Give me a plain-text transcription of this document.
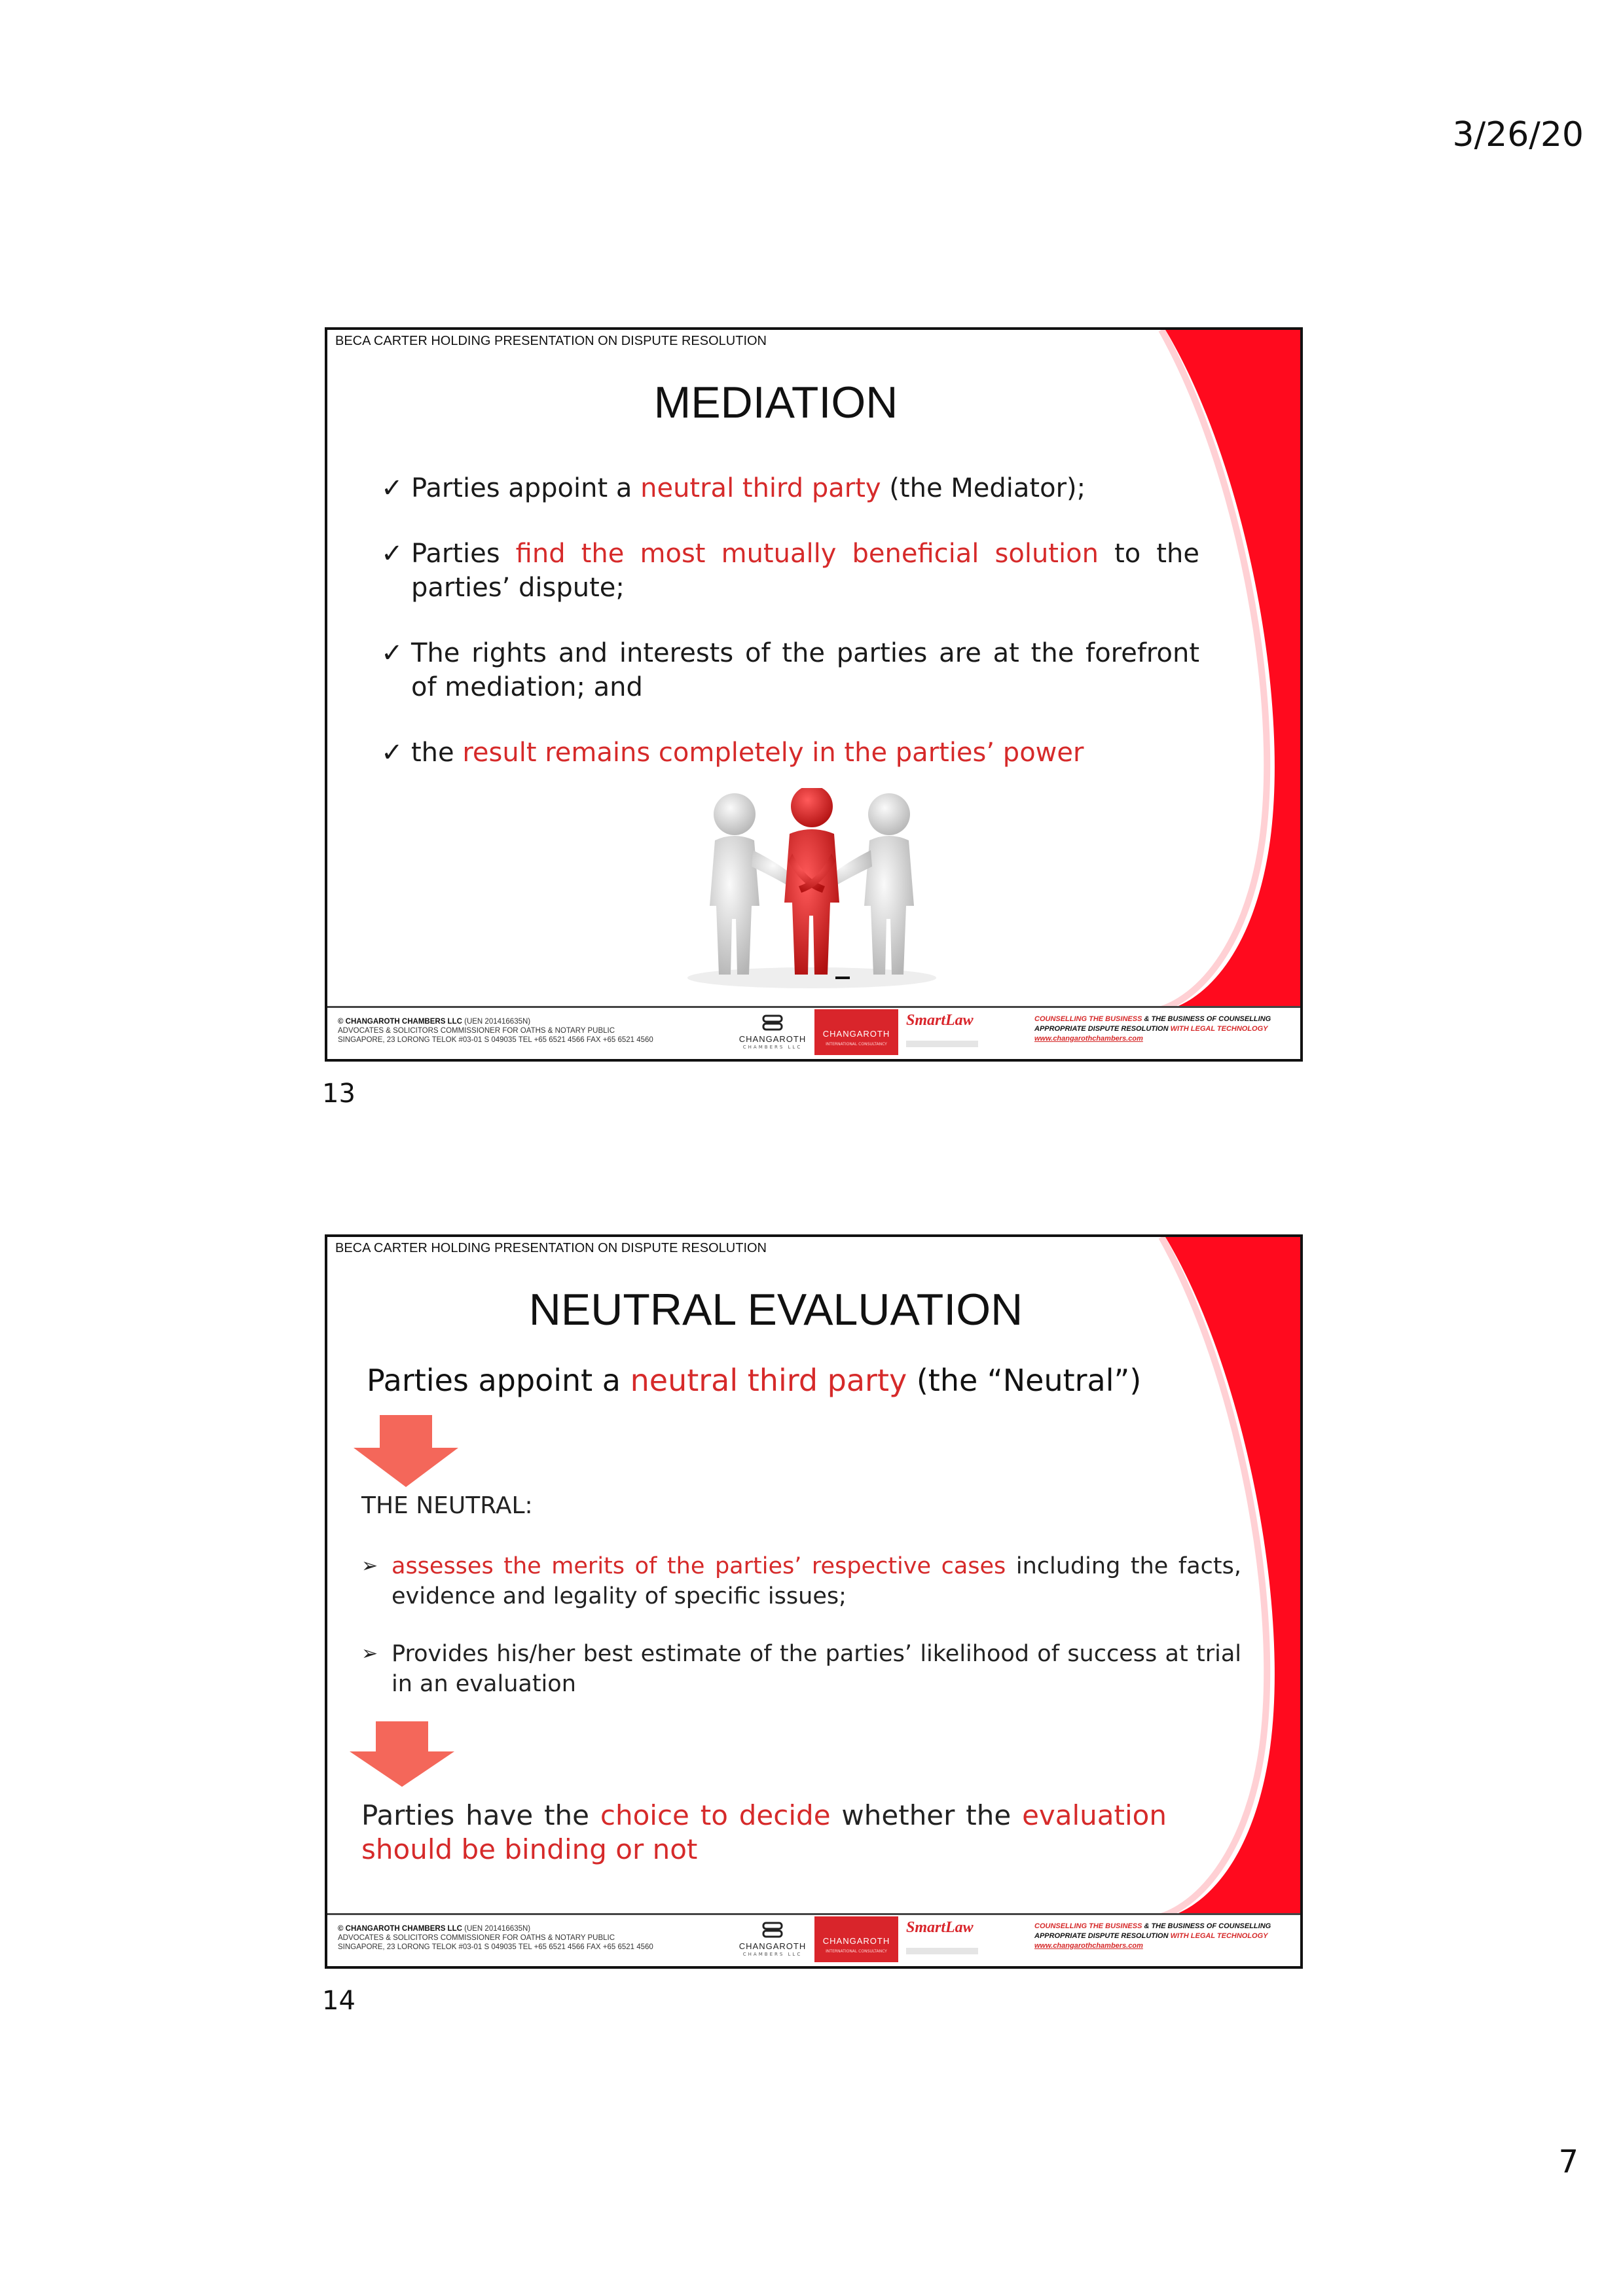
3/26/20
BECA CARTER HOLDING PRESENTATION ON DISPUTE RESOLUTION
MEDIATION
✓ Parties appoint a neutral third party (the Mediator);
✓ Parties find the most mutually beneficial solution to the parties’ dispute;
✓ The rights and interests of the parties are at the forefront of mediation; and
✓ the result remains completely in the parties’ power
© CHANGAROTH CHAMBERS LLC (UEN 201416635N)
ADVOCATES & SOLICITORS COMMISSIONER FOR OATHS & NOTARY PUBLIC
SINGAPORE, 23 LORONG TELOK #03-01 S 049035 TEL +65 6521 4566 FAX +65 6521 4560	CHANGAROTH
CHAMBERS LLC
CHANGAROTH
INTERNATIONAL CONSULTANCY
SmartLaw	COUNSELLING THE BUSINESS & THE BUSINESS OF COUNSELLING
APPROPRIATE DISPUTE RESOLUTION WITH LEGAL TECHNOLOGY
www.changarothchambers.com
13
BECA CARTER HOLDING PRESENTATION ON DISPUTE RESOLUTION
NEUTRAL EVALUATION
Parties appoint a neutral third party (the “Neutral”)
THE NEUTRAL:
➢ assesses the merits of the parties’ respective cases including the facts, evidence and legality of specific issues;
➢ Provides his/her best estimate of the parties’ likelihood of success at trial in an evaluation
Parties have the choice to decide whether the evaluation should be binding or not
© CHANGAROTH CHAMBERS LLC (UEN 201416635N)
ADVOCATES & SOLICITORS COMMISSIONER FOR OATHS & NOTARY PUBLIC
SINGAPORE, 23 LORONG TELOK #03-01 S 049035 TEL +65 6521 4566 FAX +65 6521 4560	CHANGAROTH
CHAMBERS LLC
CHANGAROTH
INTERNATIONAL CONSULTANCY
SmartLaw	COUNSELLING THE BUSINESS & THE BUSINESS OF COUNSELLING
APPROPRIATE DISPUTE RESOLUTION WITH LEGAL TECHNOLOGY
www.changarothchambers.com
14
7
